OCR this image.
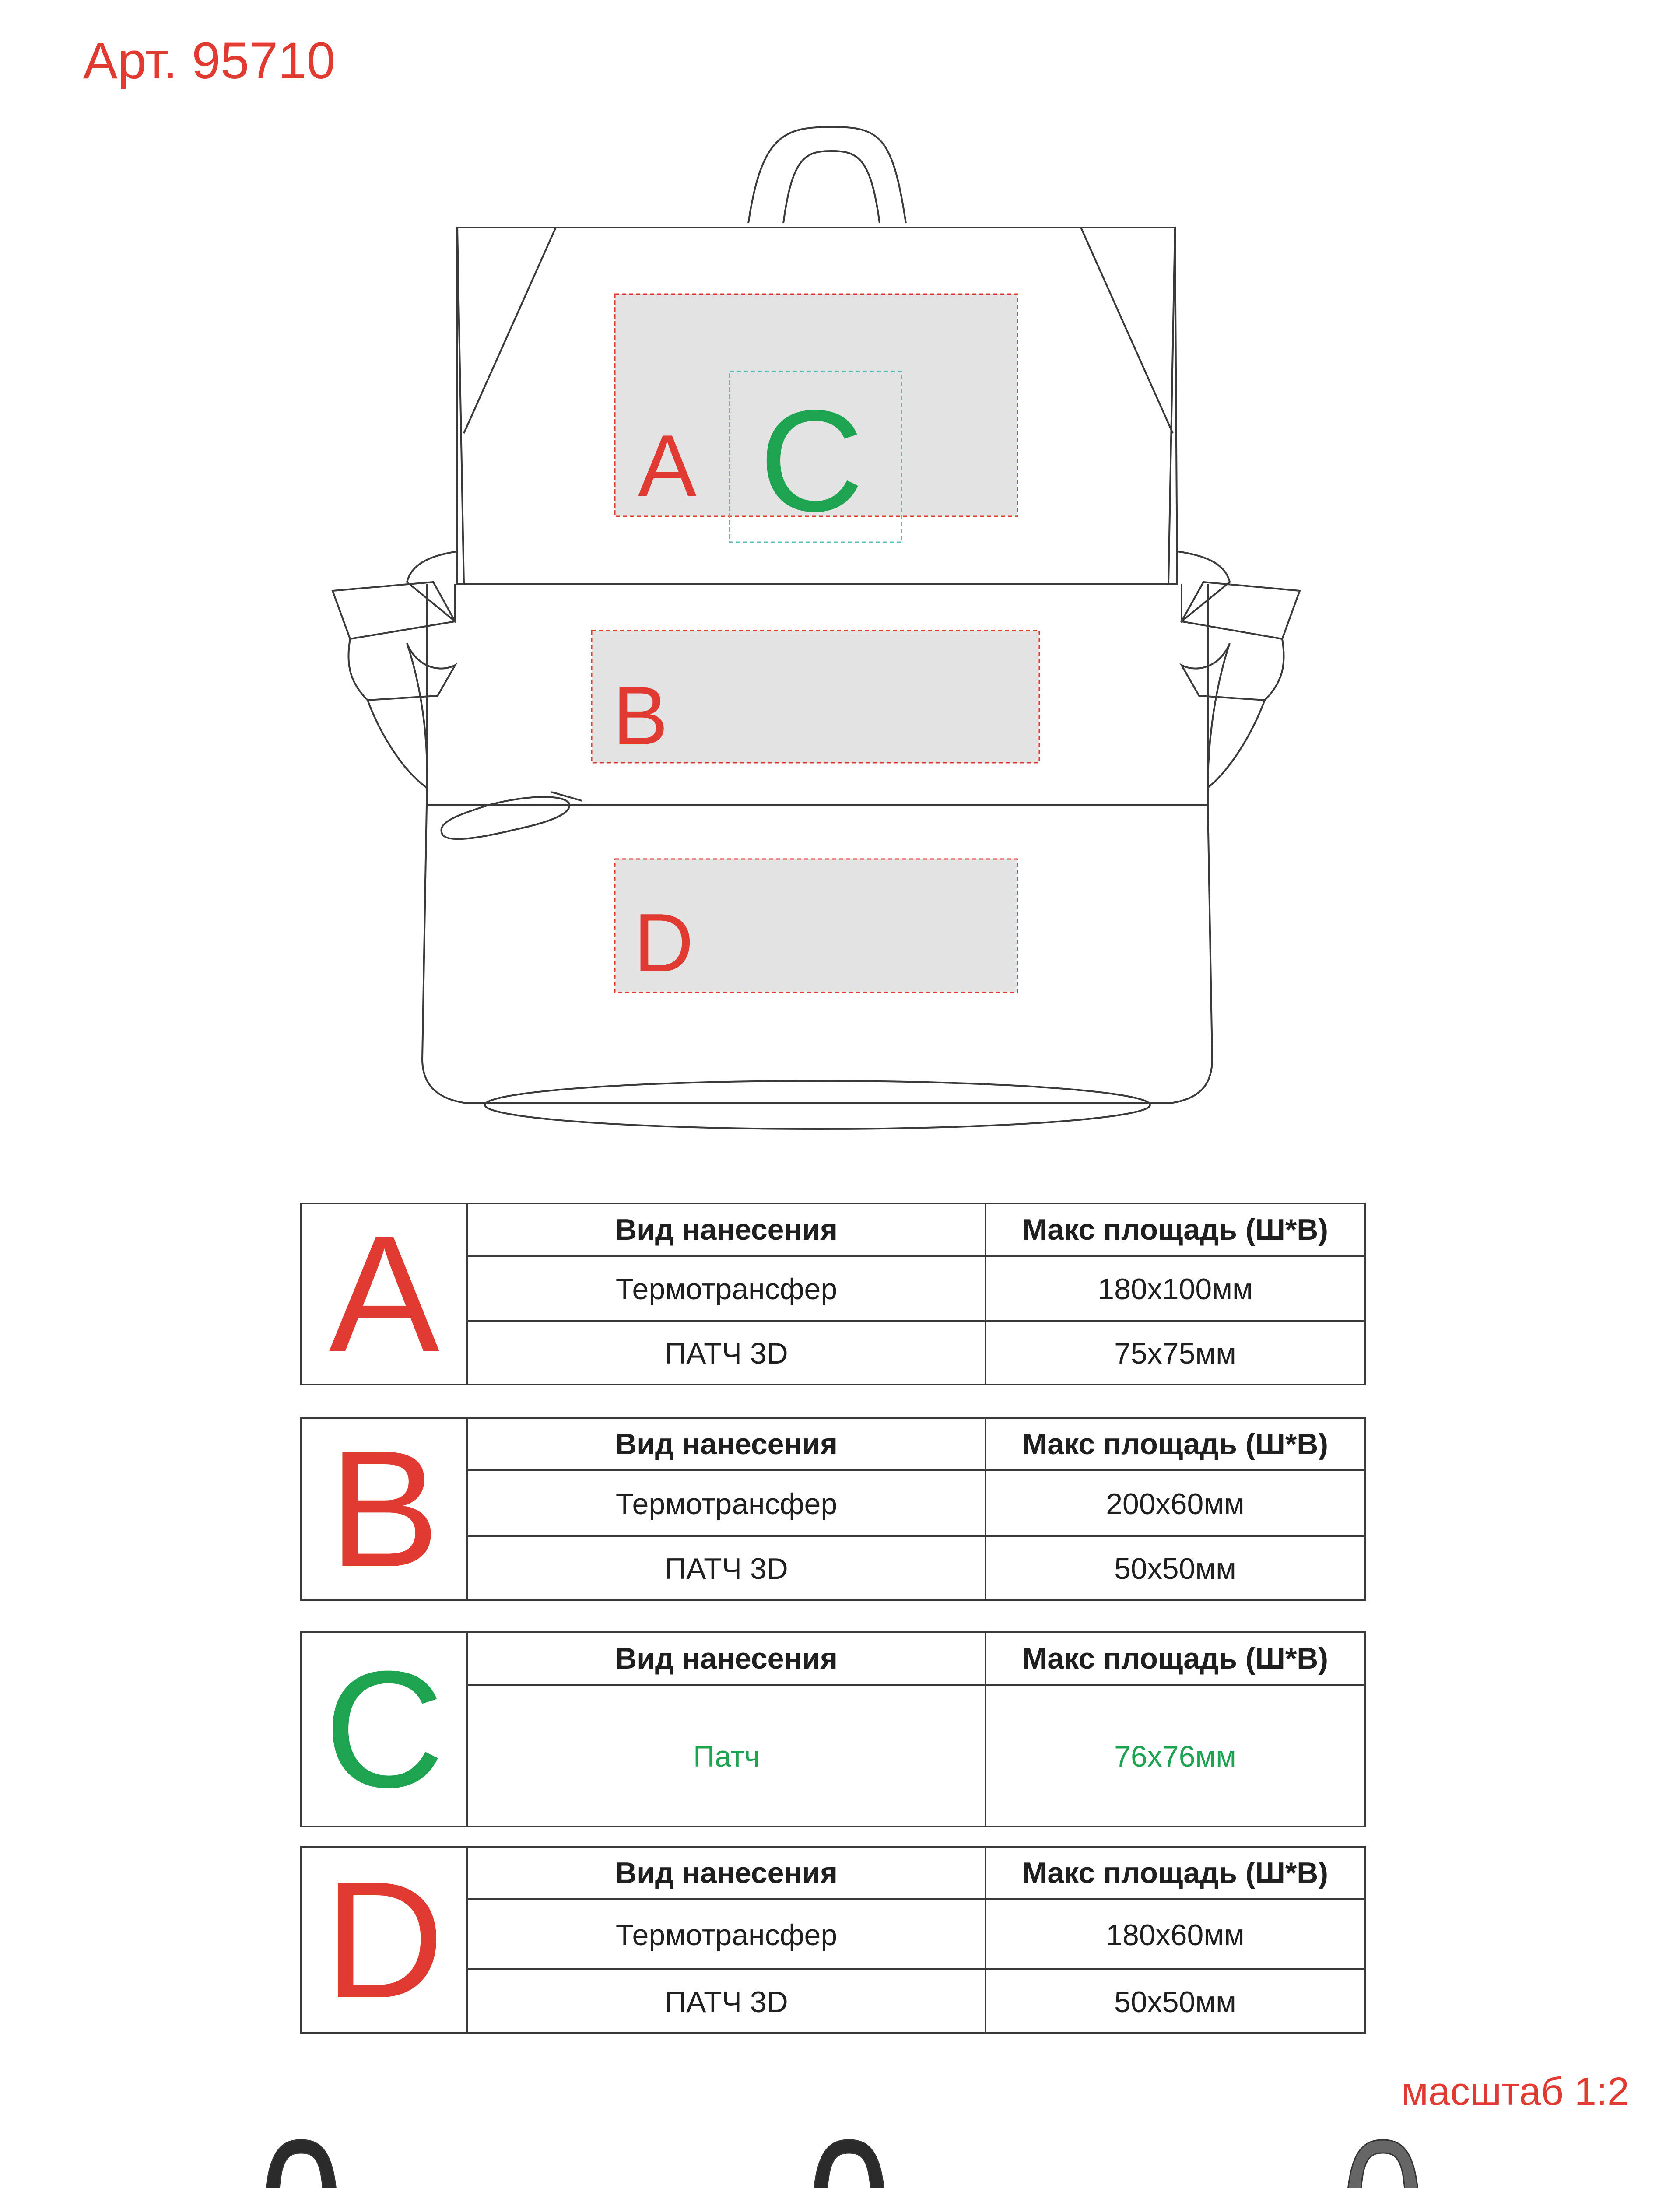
Арт. 95710
A C
B
D
A	Вид нанесения	Макс площадь (Ш*В)
Термотрансфер	180х100мм
ПАТЧ 3D	75х75мм
B	Вид нанесения	Макс площадь (Ш*В)
Термотрансфер	200х60мм
ПАТЧ 3D	50х50мм
C	Вид нанесения	Макс площадь (Ш*В)
Патч	76х76мм
D	Вид нанесения	Макс площадь (Ш*В)
Термотрансфер	180х60мм
ПАТЧ 3D	50х50мм
масштаб 1:2
